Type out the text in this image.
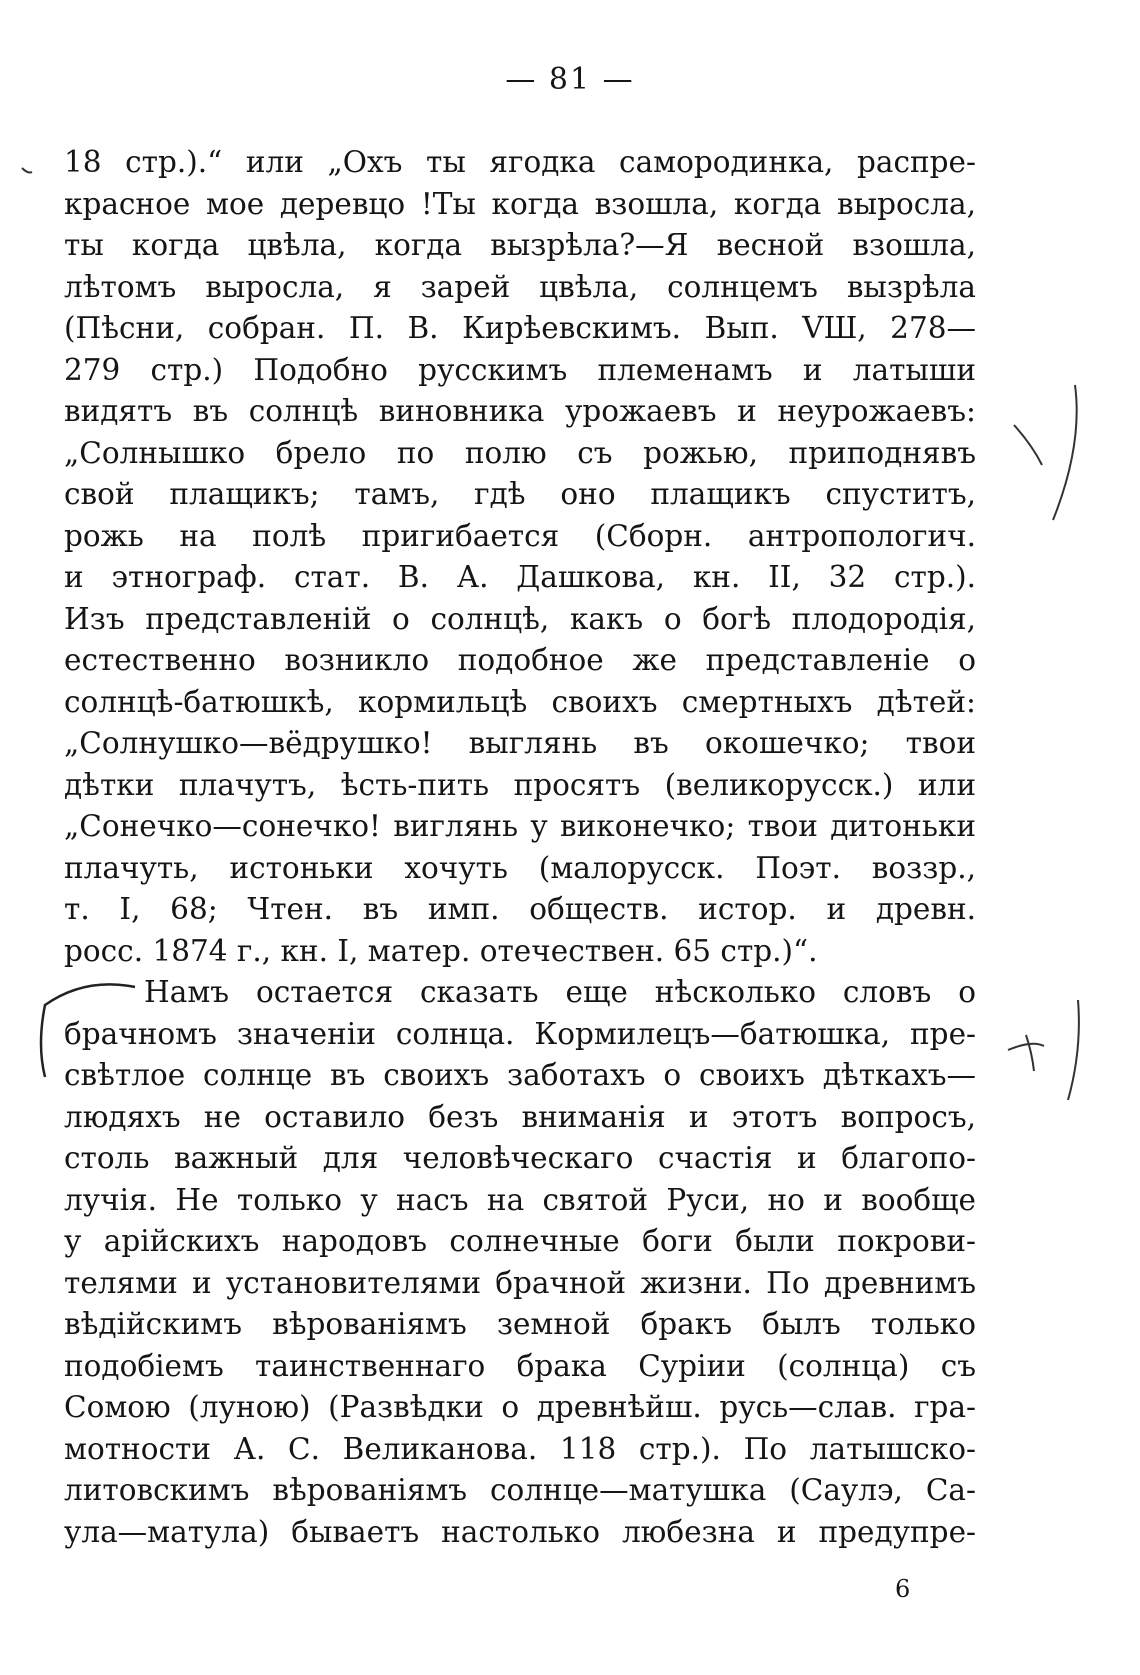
— 81 —
18 стр.).“ или „Охъ ты ягодка самородинка, распре-
красное мое деревцо !Ты когда взошла, когда выросла,
ты когда цвѣла, когда вызрѣла?—Я весной взошла,
лѣтомъ выросла, я зарей цвѣла, солнцемъ вызрѣла
(Пѣсни, собран. П. В. Кирѣевскимъ. Вып. VШ, 278—
279 стр.) Подобно русскимъ племенамъ и латыши
видятъ въ солнцѣ виновника урожаевъ и неурожаевъ:
„Солнышко брело по полю съ рожью, приподнявъ
свой плащикъ; тамъ, гдѣ оно плащикъ спуститъ,
рожь на полѣ пригибается (Сборн. антропологич.
и этнограф. стат. В. А. Дашкова, кн. II, 32 стр.).
Изъ представленій о солнцѣ, какъ о богѣ плодородія,
естественно возникло подобное же представленіе о
солнцѣ-батюшкѣ, кормильцѣ своихъ смертныхъ дѣтей:
„Солнушко—вёдрушко! выглянь въ окошечко; твои
дѣтки плачутъ, ѣсть-пить просятъ (великорусск.) или
„Сонечко—сонечко! виглянь у виконечко; твои дитоньки
плачуть, истоньки хочуть (малорусск. Поэт. воззр.,
т. I, 68; Чтен. въ имп. обществ. истор. и древн.
росс. 1874 г., кн. I, матер. отечествен. 65 стр.)“.
Намъ остается сказать еще нѣсколько словъ о
брачномъ значеніи солнца. Кормилецъ—батюшка, пре-
свѣтлое солнце въ своихъ заботахъ о своихъ дѣткахъ—
людяхъ не оставило безъ вниманія и этотъ вопросъ,
столь важный для человѣческаго счастія и благопо-
лучія. Не только у насъ на святой Руси, но и вообще
у арійскихъ народовъ солнечные боги были покрови-
телями и установителями брачной жизни. По древнимъ
вѣдійскимъ вѣрованіямъ земной бракъ былъ только
подобіемъ таинственнаго брака Суріии (солнца) съ
Сомою (луною) (Развѣдки о древнѣйш. русь—слав. гра-
мотности А. С. Великанова. 118 стр.). По латышско-
литовскимъ вѣрованіямъ солнце—матушка (Саулэ, Са-
ула—матула) бываетъ настолько любезна и предупре-
6
